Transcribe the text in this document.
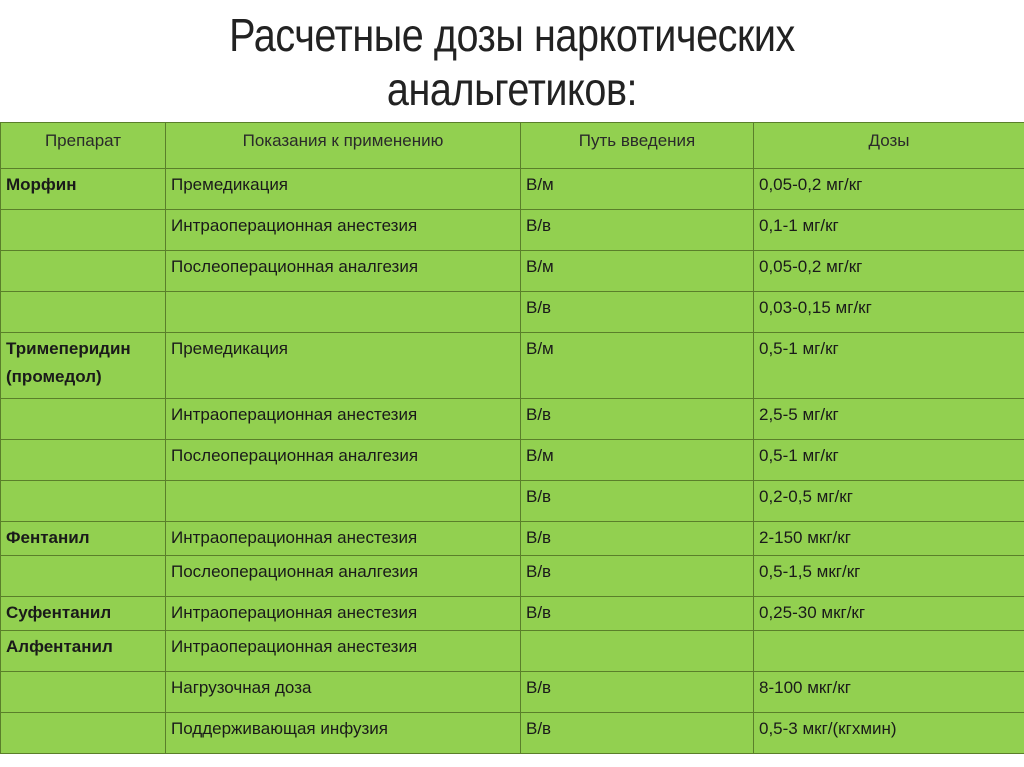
Расчетные дозы наркотических
анальгетиков:
Препарат	Показания к применению	Путь введения	Дозы
Морфин	Премедикация	В/м	0,05-0,2 мг/кг
	Интраоперационная анестезия	В/в	0,1-1 мг/кг
	Послеоперационная аналгезия	В/м	0,05-0,2 мг/кг
		В/в	0,03-0,15 мг/кг
Тримеперидин (промедол)	Премедикация	В/м	0,5-1 мг/кг
	Интраоперационная анестезия	В/в	2,5-5 мг/кг
	Послеоперационная аналгезия	В/м	0,5-1 мг/кг
		В/в	0,2-0,5 мг/кг
Фентанил	Интраоперационная анестезия	В/в	2-150 мкг/кг
	Послеоперационная аналгезия	В/в	0,5-1,5 мкг/кг
Суфентанил	Интраоперационная анестезия	В/в	0,25-30 мкг/кг
Алфентанил	Интраоперационная анестезия		
	Нагрузочная доза	В/в	8-100 мкг/кг
	Поддерживающая инфузия	В/в	0,5-3 мкг/(кгхмин)
